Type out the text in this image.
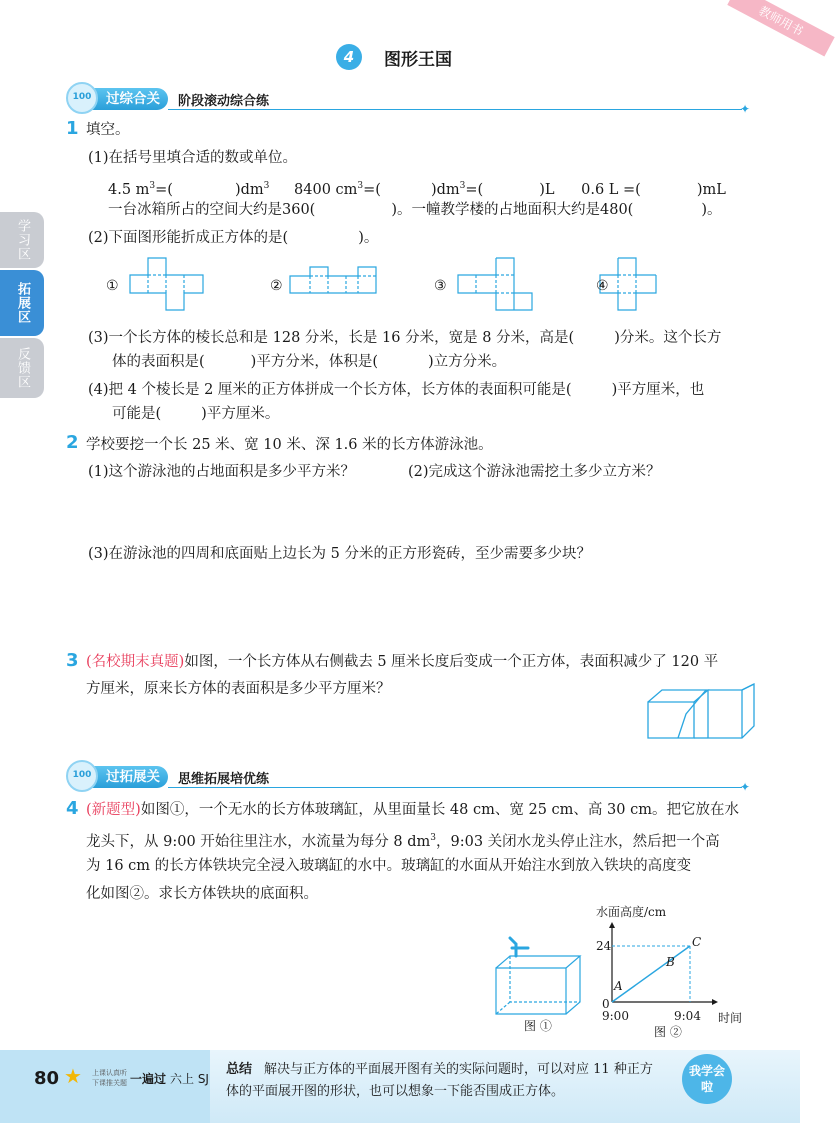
教师用书
4	图形王国
学习区
拓展区
反馈区
过综合关
100	阶段滚动综合练	✦
1 填空。
(1)在括号里填合适的数或单位。
4.5 $m^3=$(	)$dm^3$ 8400 $cm^3=$(	)$dm^3=$(	)L 0.6 L =(	)mL
一台冰箱所占的空间大约是360(	)。一幢教学楼的占地面积大约是480(	)。
(2)下面图形能折成正方体的是(	)。
①	②	③	④
(3)一个长方体的棱长总和是 128 分米，长是 16 分米，宽是 8 分米，高是(	)分米。这个长方
体的表面积是(	)平方分米，体积是(	)立方分米。
(4)把 4 个棱长是 2 厘米的正方体拼成一个长方体，长方体的表面积可能是(	)平方厘米，也
可能是(	)平方厘米。
2 学校要挖一个长 25 米、宽 10 米、深 1.6 米的长方体游泳池。
(1)这个游泳池的占地面积是多少平方米？	(2)完成这个游泳池需挖土多少立方米？
(3)在游泳池的四周和底面贴上边长为 5 分米的正方形瓷砖，至少需要多少块？
3 (名校期末真题)如图，一个长方体从右侧截去 5 厘米长度后变成一个正方体，表面积减少了 120 平
方厘米，原来长方体的表面积是多少平方厘米？
过拓展关
100	思维拓展培优练	✦
4 (新题型)如图①，一个无水的长方体玻璃缸，从里面量长 48 cm、宽 25 cm、高 30 cm。把它放在水
龙头下，从 9:00 开始往里注水，水流量为每分 8 $dm^3$，9:03 关闭水龙头停止注水，然后把一个高
为 16 cm 的长方体铁块完全浸入玻璃缸的水中。玻璃缸的水面从开始注水到放入铁块的高度变
化如图②。求长方体铁块的底面积。
图 ①
水面高度/cm
24
0
9:00	9:04 时间
A
B
C
图 ②
80 ★ 上课认真听
下课推关题 一遍过 六上 SJ
总结 解决与正方体的平面展开图有关的实际问题时，可以对应 11 种正方
体的平面展开图的形状，也可以想象一下能否围成正方体。
我学会啦
